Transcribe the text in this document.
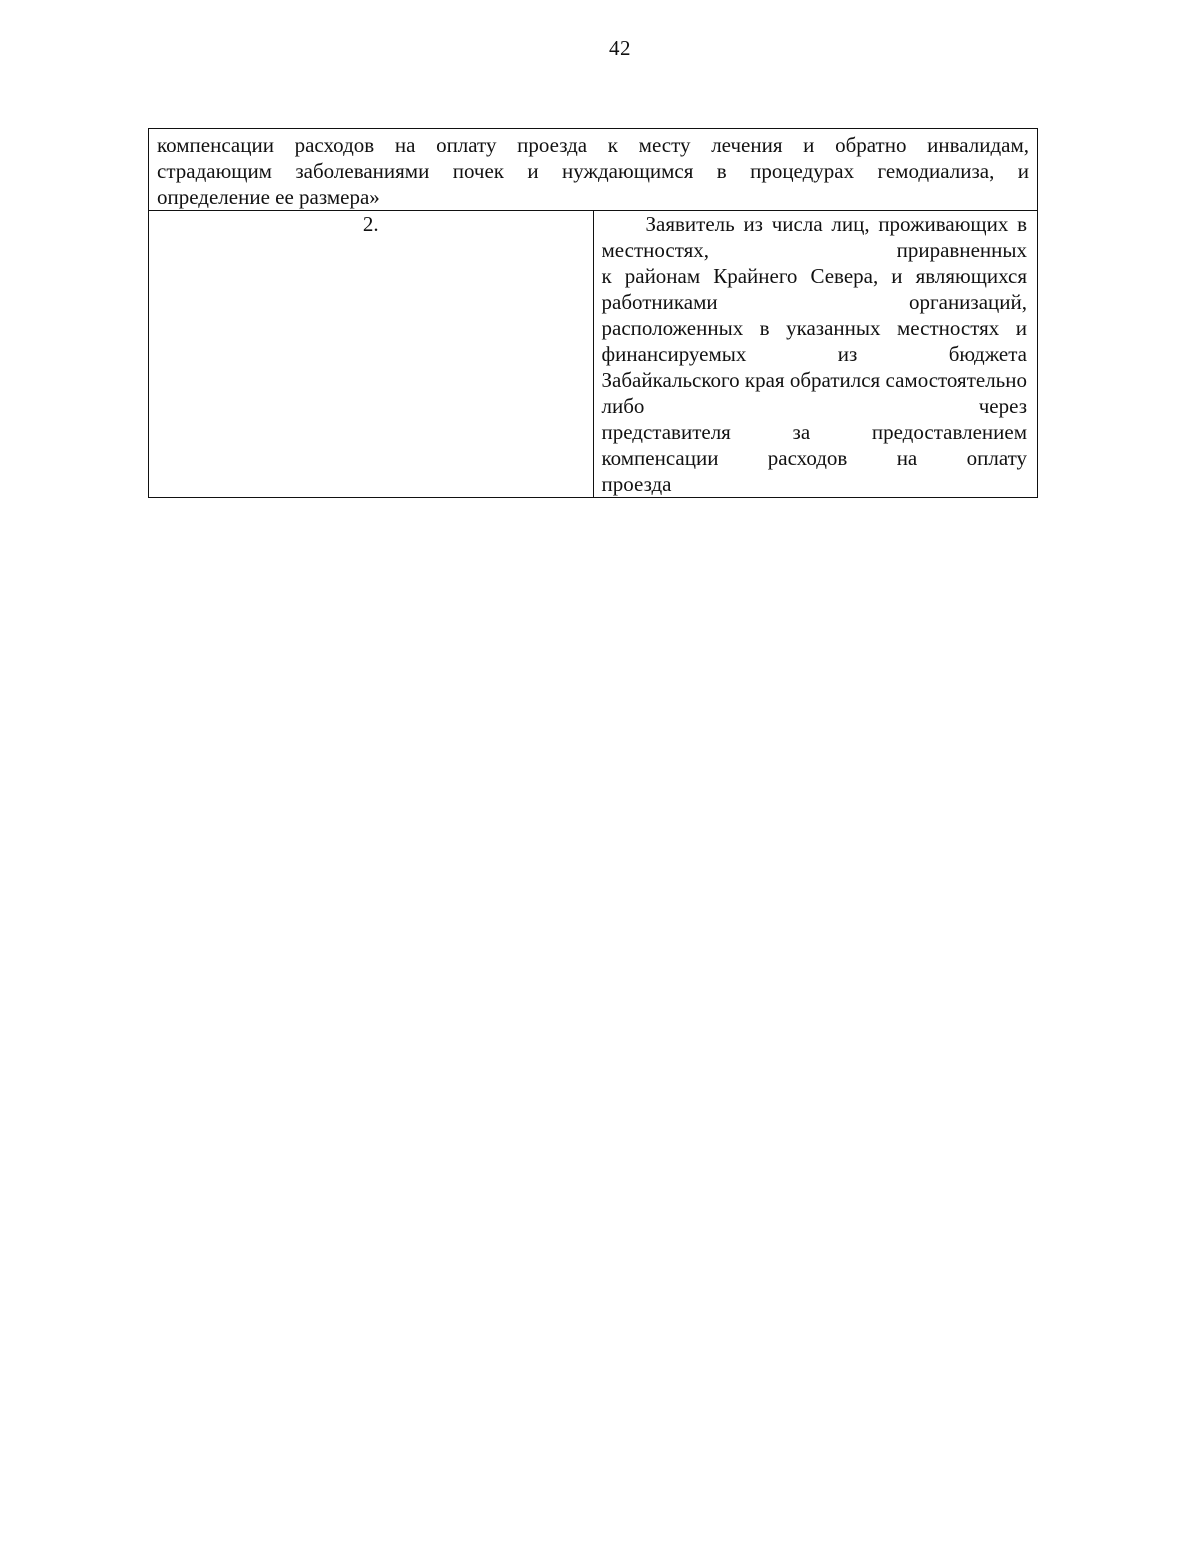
42
компенсации расходов на оплату проезда к месту лечения и обратно инвалидам,
страдающим заболеваниями почек и нуждающимся в процедурах гемодиализа, и
определение ее размера»

2.	Заявитель из числа лиц, проживающих в местностях, приравненных
к районам Крайнего Севера, и являющихся работниками организаций,
расположенных в указанных местностях и финансируемых из бюджета
Забайкальского края обратился самостоятельно либо через
представителя за предоставлением компенсации расходов на оплату
проезда
